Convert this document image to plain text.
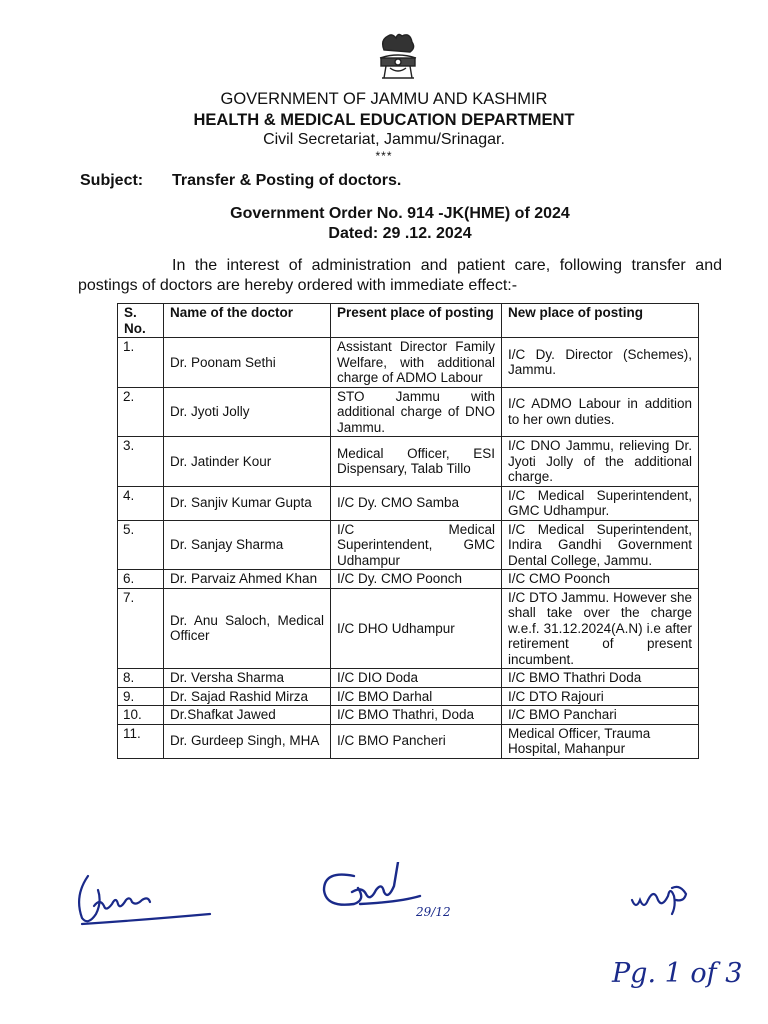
GOVERNMENT OF JAMMU AND KASHMIR

HEALTH & MEDICAL EDUCATION DEPARTMENT

Civil Secretariat, Jammu/Srinagar.

***

Subject: Transfer & Posting of doctors.
Government Order No. 914 -JK(HME) of 2024
Dated: 29 .12. 2024

In the interest of administration and patient care, following transfer and postings of doctors are hereby ordered with immediate effect:-

S. No.	Name of the doctor	Present place of posting	New place of posting
1.	Dr. Poonam Sethi	Assistant Director Family Welfare, with additional charge of ADMO Labour	I/C Dy. Director (Schemes), Jammu.
2.	Dr. Jyoti Jolly	STO Jammu with additional charge of DNO Jammu.	I/C ADMO Labour in addition to her own duties.
3.	Dr. Jatinder Kour	Medical Officer, ESI Dispensary, Talab Tillo	I/C DNO Jammu, relieving Dr. Jyoti Jolly of the additional charge.
4.	Dr. Sanjiv Kumar Gupta	I/C Dy. CMO Samba	I/C Medical Superintendent, GMC Udhampur.
5.	Dr. Sanjay Sharma	I/C Medical Superintendent, GMC Udhampur	I/C Medical Superintendent, Indira Gandhi Government Dental College, Jammu.
6.	Dr. Parvaiz Ahmed Khan	I/C Dy. CMO Poonch	I/C CMO Poonch
7.	Dr. Anu Saloch, Medical Officer	I/C DHO Udhampur	I/C DTO Jammu. However she shall take over the charge w.e.f. 31.12.2024(A.N) i.e after retirement of present incumbent.
8.	Dr. Versha Sharma	I/C DIO Doda	I/C BMO Thathri Doda
9.	Dr. Sajad Rashid Mirza	I/C BMO Darhal	I/C DTO Rajouri
10.	Dr.Shafkat Jawed	I/C BMO Thathri, Doda	I/C BMO Panchari
11.	Dr. Gurdeep Singh, MHA	I/C BMO Pancheri	Medical Officer, Trauma Hospital, Mahanpur
29/12
Pg. 1 of 3
